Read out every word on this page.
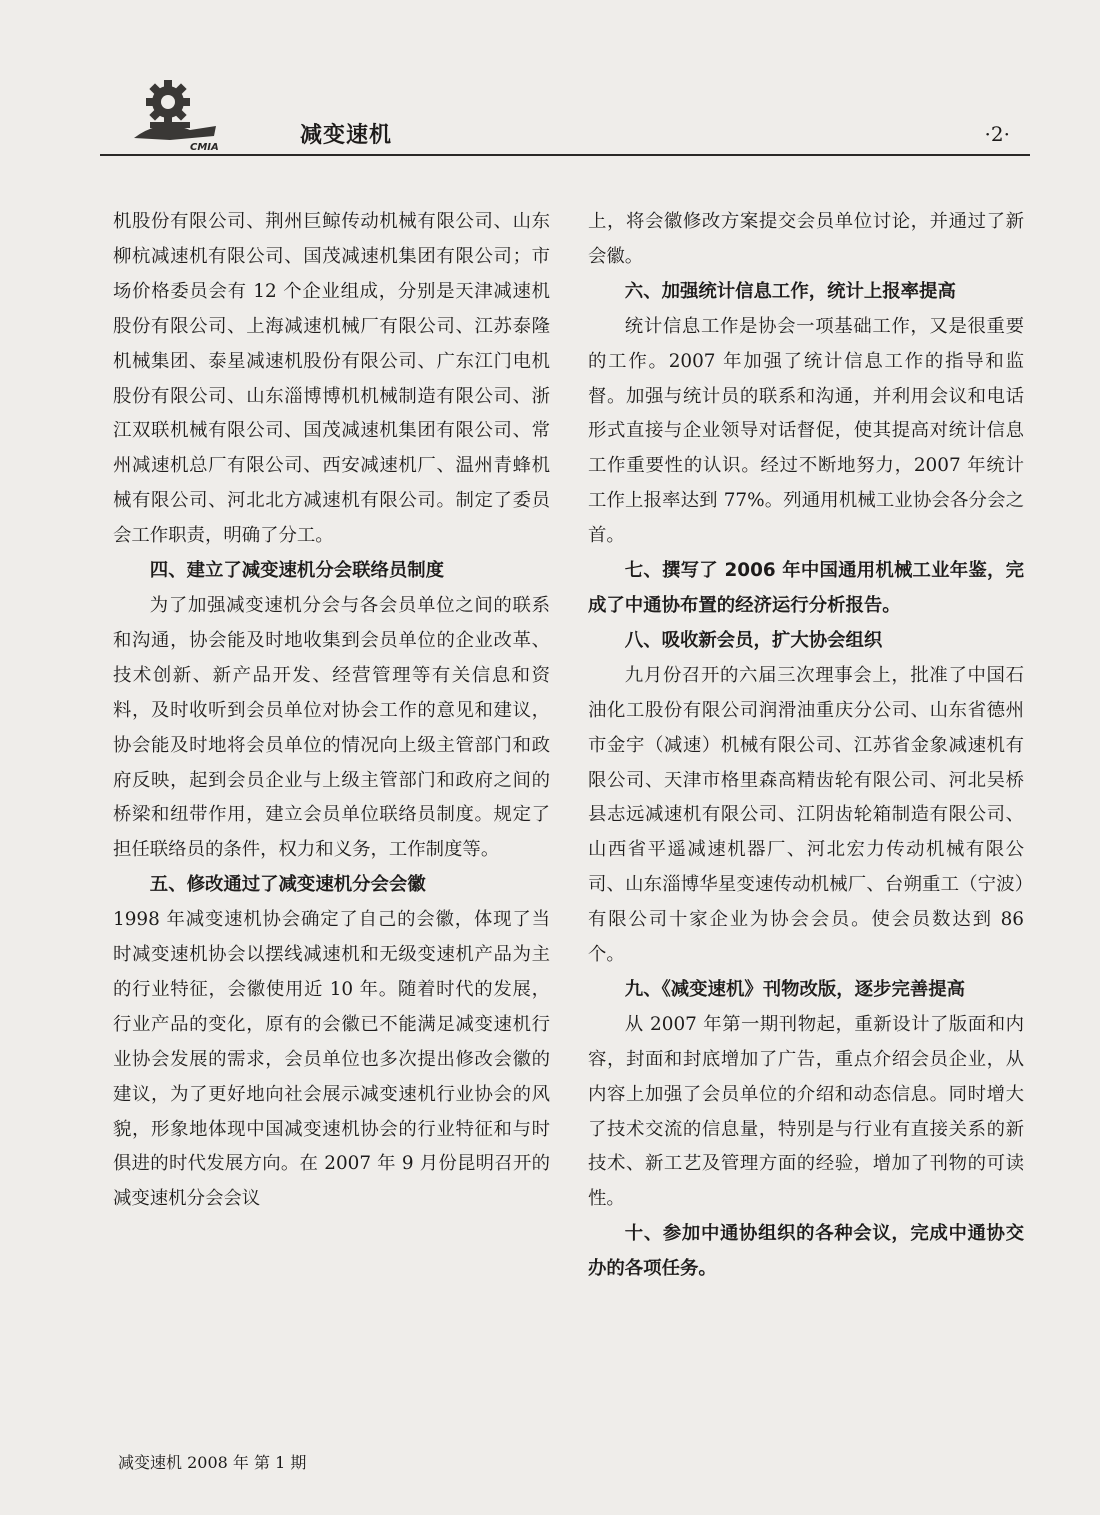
CMIA	减变速机	·2·

机股份有限公司、荆州巨鲸传动机械有限公司、山东柳杭减速机有限公司、国茂减速机集团有限公司；市场价格委员会有 12 个企业组成，分别是天津减速机股份有限公司、上海减速机械厂有限公司、江苏泰隆机械集团、泰星减速机股份有限公司、广东江门电机股份有限公司、山东淄博博机机械制造有限公司、浙江双联机械有限公司、国茂减速机集团有限公司、常州减速机总厂有限公司、西安减速机厂、温州青蜂机械有限公司、河北北方减速机有限公司。制定了委员会工作职责，明确了分工。

四、建立了减变速机分会联络员制度

为了加强减变速机分会与各会员单位之间的联系和沟通，协会能及时地收集到会员单位的企业改革、技术创新、新产品开发、经营管理等有关信息和资料，及时收听到会员单位对协会工作的意见和建议，协会能及时地将会员单位的情况向上级主管部门和政府反映，起到会员企业与上级主管部门和政府之间的桥梁和纽带作用，建立会员单位联络员制度。规定了担任联络员的条件，权力和义务，工作制度等。

五、修改通过了减变速机分会会徽

1998 年减变速机协会确定了自己的会徽，体现了当时减变速机协会以摆线减速机和无级变速机产品为主的行业特征，会徽使用近 10 年。随着时代的发展，行业产品的变化，原有的会徽已不能满足减变速机行业协会发展的需求，会员单位也多次提出修改会徽的建议，为了更好地向社会展示减变速机行业协会的风貌，形象地体现中国减变速机协会的行业特征和与时俱进的时代发展方向。在 2007 年 9 月份昆明召开的减变速机分会会议

上，将会徽修改方案提交会员单位讨论，并通过了新会徽。

六、加强统计信息工作，统计上报率提高

统计信息工作是协会一项基础工作，又是很重要的工作。2007 年加强了统计信息工作的指导和监督。加强与统计员的联系和沟通，并利用会议和电话形式直接与企业领导对话督促，使其提高对统计信息工作重要性的认识。经过不断地努力，2007 年统计工作上报率达到 77%。列通用机械工业协会各分会之首。

七、撰写了 2006 年中国通用机械工业年鉴，完成了中通协布置的经济运行分析报告。
八、吸收新会员，扩大协会组织

九月份召开的六届三次理事会上，批准了中国石油化工股份有限公司润滑油重庆分公司、山东省德州市金宇（减速）机械有限公司、江苏省金象减速机有限公司、天津市格里森高精齿轮有限公司、河北吴桥县志远减速机有限公司、江阴齿轮箱制造有限公司、山西省平遥减速机器厂、河北宏力传动机械有限公司、山东淄博华星变速传动机械厂、台朔重工（宁波）有限公司十家企业为协会会员。使会员数达到 86 个。

九、《减变速机》刊物改版，逐步完善提高

从 2007 年第一期刊物起，重新设计了版面和内容，封面和封底增加了广告，重点介绍会员企业，从内容上加强了会员单位的介绍和动态信息。同时增大了技术交流的信息量，特别是与行业有直接关系的新技术、新工艺及管理方面的经验，增加了刊物的可读性。

十、参加中通协组织的各种会议，完成中通协交办的各项任务。
减变速机 2008 年 第 1 期
